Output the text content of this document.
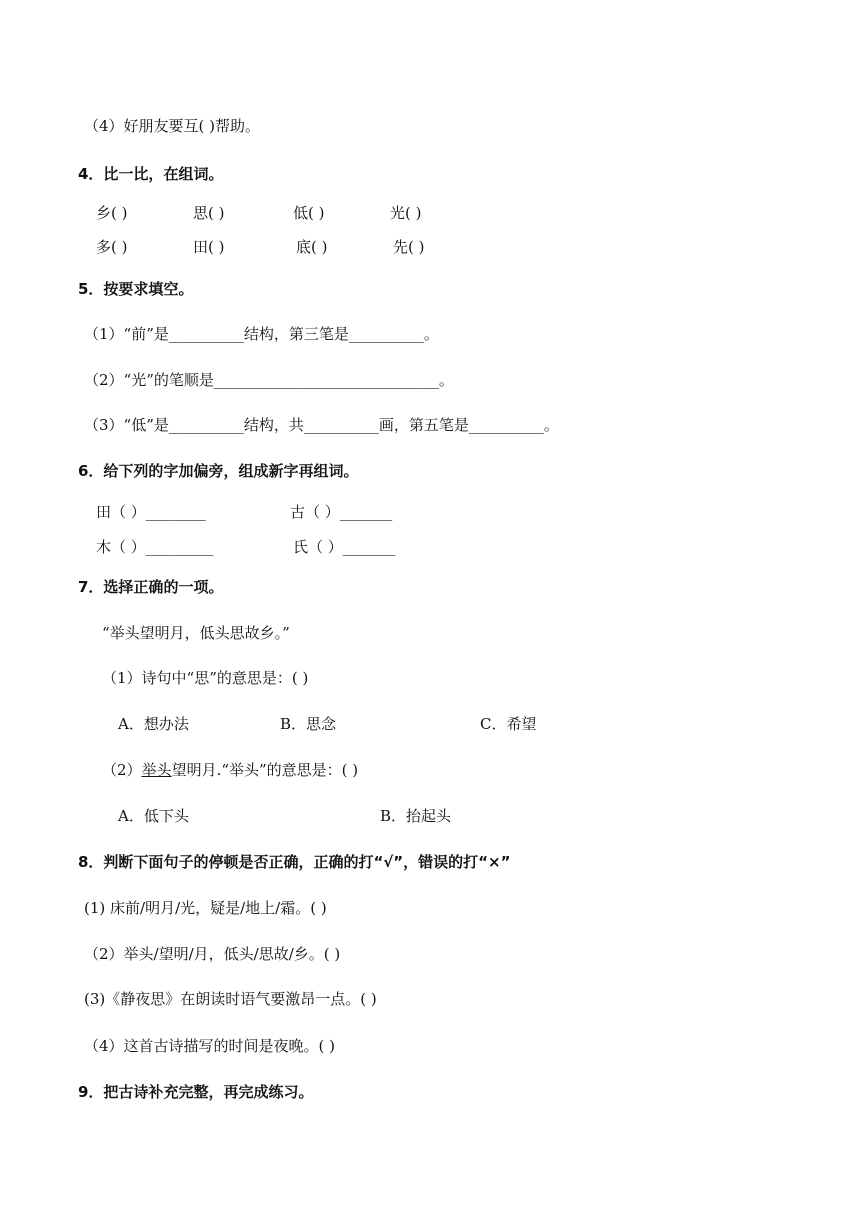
（4）好朋友要互( )帮助。
4．比一比，在组词。
乡( )	思( )	低( )	光( )
多( )	田( )	底( )	先( )
5．按要求填空。
（1）“前”是__________结构，第三笔是__________。
（2）“光”的笔顺是______________________________。
（3）“低”是__________结构，共__________画，第五笔是__________。
6．给下列的字加偏旁，组成新字再组词。
田（ ）________	古（ ）_______
木（ ）_________	氏（ ）_______
7．选择正确的一项。
“举头望明月，低头思故乡。”
（1）诗句中“思”的意思是：( )
A．想办法	B．思念	C．希望
（2）举头望明月.“举头”的意思是：( )
A．低下头	B．抬起头
8．判断下面句子的停顿是否正确，正确的打“√”，错误的打“×”
(1) 床前/明月/光，疑是/地上/霜。( )
（2）举头/望明/月，低头/思故/乡。( )
(3)《静夜思》在朗读时语气要激昂一点。( )
（4）这首古诗描写的时间是夜晚。( )
9．把古诗补充完整，再完成练习。
